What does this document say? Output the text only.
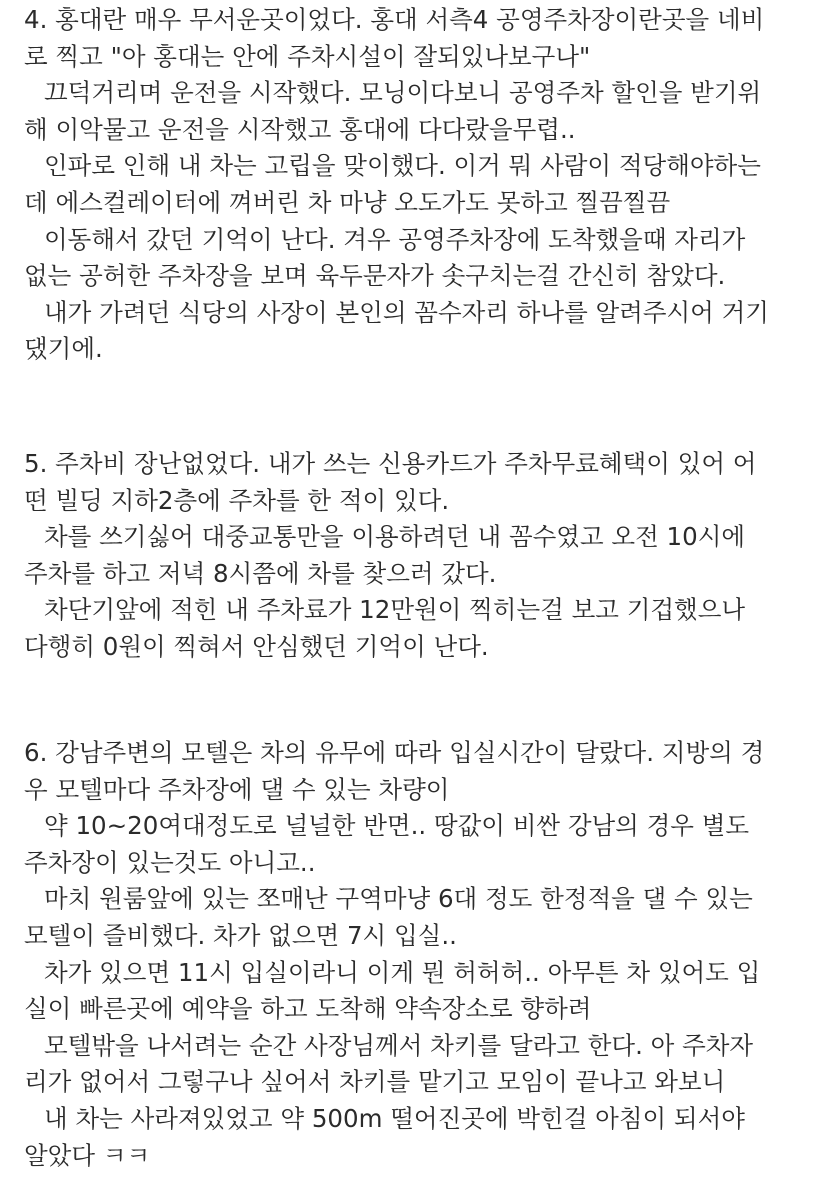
4. 홍대란 매우 무서운곳이었다. 홍대 서측4 공영주차장이란곳을 네비
로 찍고 "아 홍대는 안에 주차시설이 잘되있나보구나"
끄덕거리며 운전을 시작했다. 모닝이다보니 공영주차 할인을 받기위
해 이악물고 운전을 시작했고 홍대에 다다랐을무렵..
인파로 인해 내 차는 고립을 맞이했다. 이거 뭐 사람이 적당해야하는
데 에스컬레이터에 껴버린 차 마냥 오도가도 못하고 찔끔찔끔
이동해서 갔던 기억이 난다. 겨우 공영주차장에 도착했을때 자리가
없는 공허한 주차장을 보며 육두문자가 솟구치는걸 간신히 참았다.
내가 가려던 식당의 사장이 본인의 꼼수자리 하나를 알려주시어 거기
댔기에.
5. 주차비 장난없었다. 내가 쓰는 신용카드가 주차무료혜택이 있어 어
떤 빌딩 지하2층에 주차를 한 적이 있다.
차를 쓰기싫어 대중교통만을 이용하려던 내 꼼수였고 오전 10시에
주차를 하고 저녁 8시쯤에 차를 찾으러 갔다.
차단기앞에 적힌 내 주차료가 12만원이 찍히는걸 보고 기겁했으나
다행히 0원이 찍혀서 안심했던 기억이 난다.
6. 강남주변의 모텔은 차의 유무에 따라 입실시간이 달랐다. 지방의 경
우 모텔마다 주차장에 댈 수 있는 차량이
약 10~20여대정도로 널널한 반면.. 땅값이 비싼 강남의 경우 별도
주차장이 있는것도 아니고..
마치 원룸앞에 있는 쪼매난 구역마냥 6대 정도 한정적을 댈 수 있는
모텔이 즐비했다. 차가 없으면 7시 입실..
차가 있으면 11시 입실이라니 이게 뭔 허허허.. 아무튼 차 있어도 입
실이 빠른곳에 예약을 하고 도착해 약속장소로 향하려
모텔밖을 나서려는 순간 사장님께서 차키를 달라고 한다. 아 주차자
리가 없어서 그렇구나 싶어서 차키를 맡기고 모임이 끝나고 와보니
내 차는 사라져있었고 약 500m 떨어진곳에 박힌걸 아침이 되서야
알았다 ㅋㅋ
